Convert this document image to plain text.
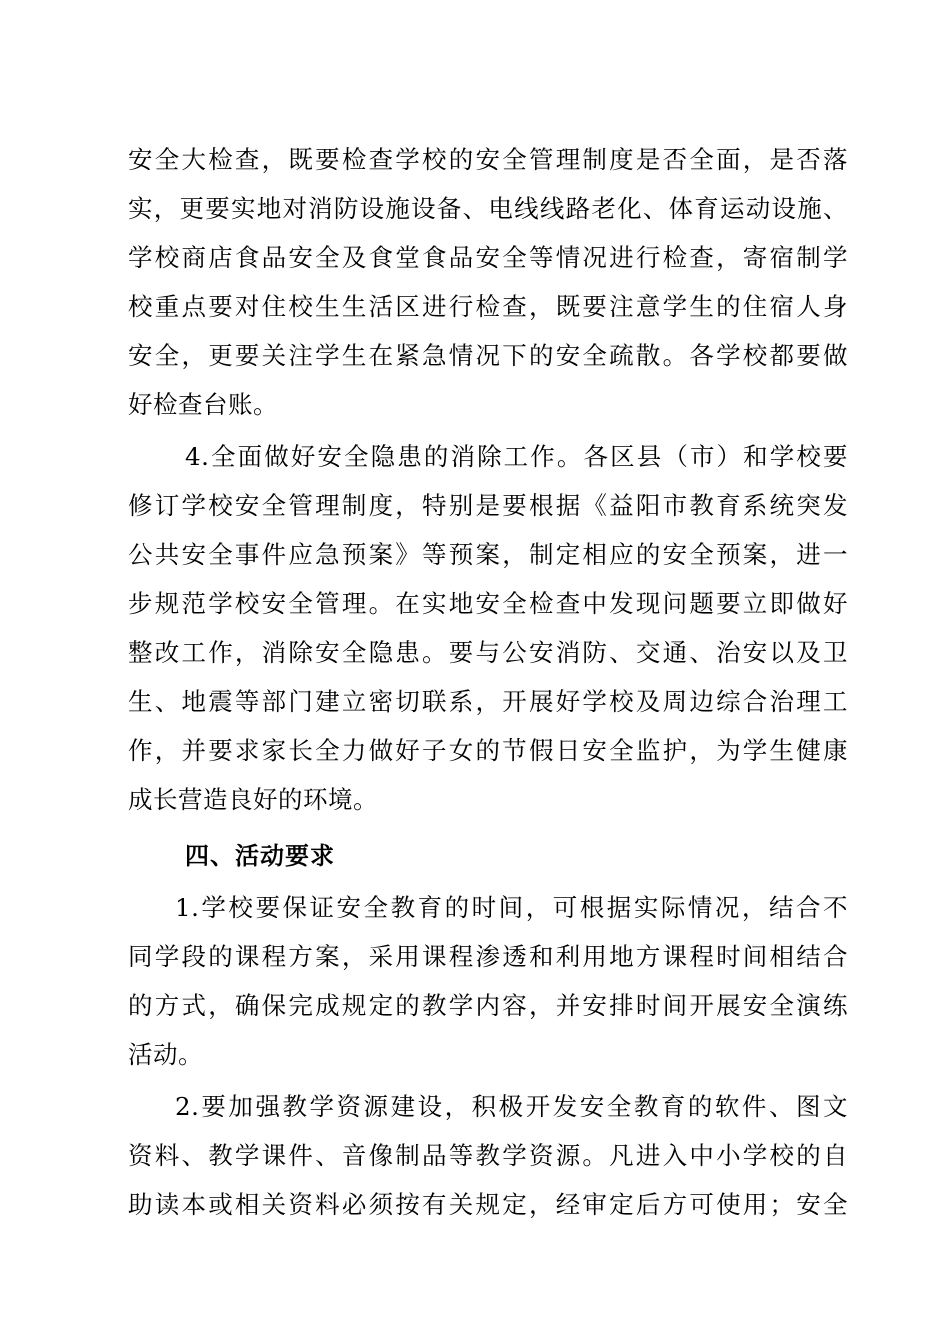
安全大检查，既要检查学校的安全管理制度是否全面，是否落
实，更要实地对消防设施设备、电线线路老化、体育运动设施、
学校商店食品安全及食堂食品安全等情况进行检查，寄宿制学
校重点要对住校生生活区进行检查，既要注意学生的住宿人身
安全，更要关注学生在紧急情况下的安全疏散。各学校都要做
好检查台账。
4.全面做好安全隐患的消除工作。各区县（市）和学校要
修订学校安全管理制度，特别是要根据《益阳市教育系统突发
公共安全事件应急预案》等预案，制定相应的安全预案，进一
步规范学校安全管理。在实地安全检查中发现问题要立即做好
整改工作，消除安全隐患。要与公安消防、交通、治安以及卫
生、地震等部门建立密切联系，开展好学校及周边综合治理工
作，并要求家长全力做好子女的节假日安全监护，为学生健康
成长营造良好的环境。
四、活动要求
1.学校要保证安全教育的时间，可根据实际情况，结合不
同学段的课程方案，采用课程渗透和利用地方课程时间相结合
的方式，确保完成规定的教学内容，并安排时间开展安全演练
活动。
2.要加强教学资源建设，积极开发安全教育的软件、图文
资料、教学课件、音像制品等教学资源。凡进入中小学校的自
助读本或相关资料必须按有关规定，经审定后方可使用；安全
